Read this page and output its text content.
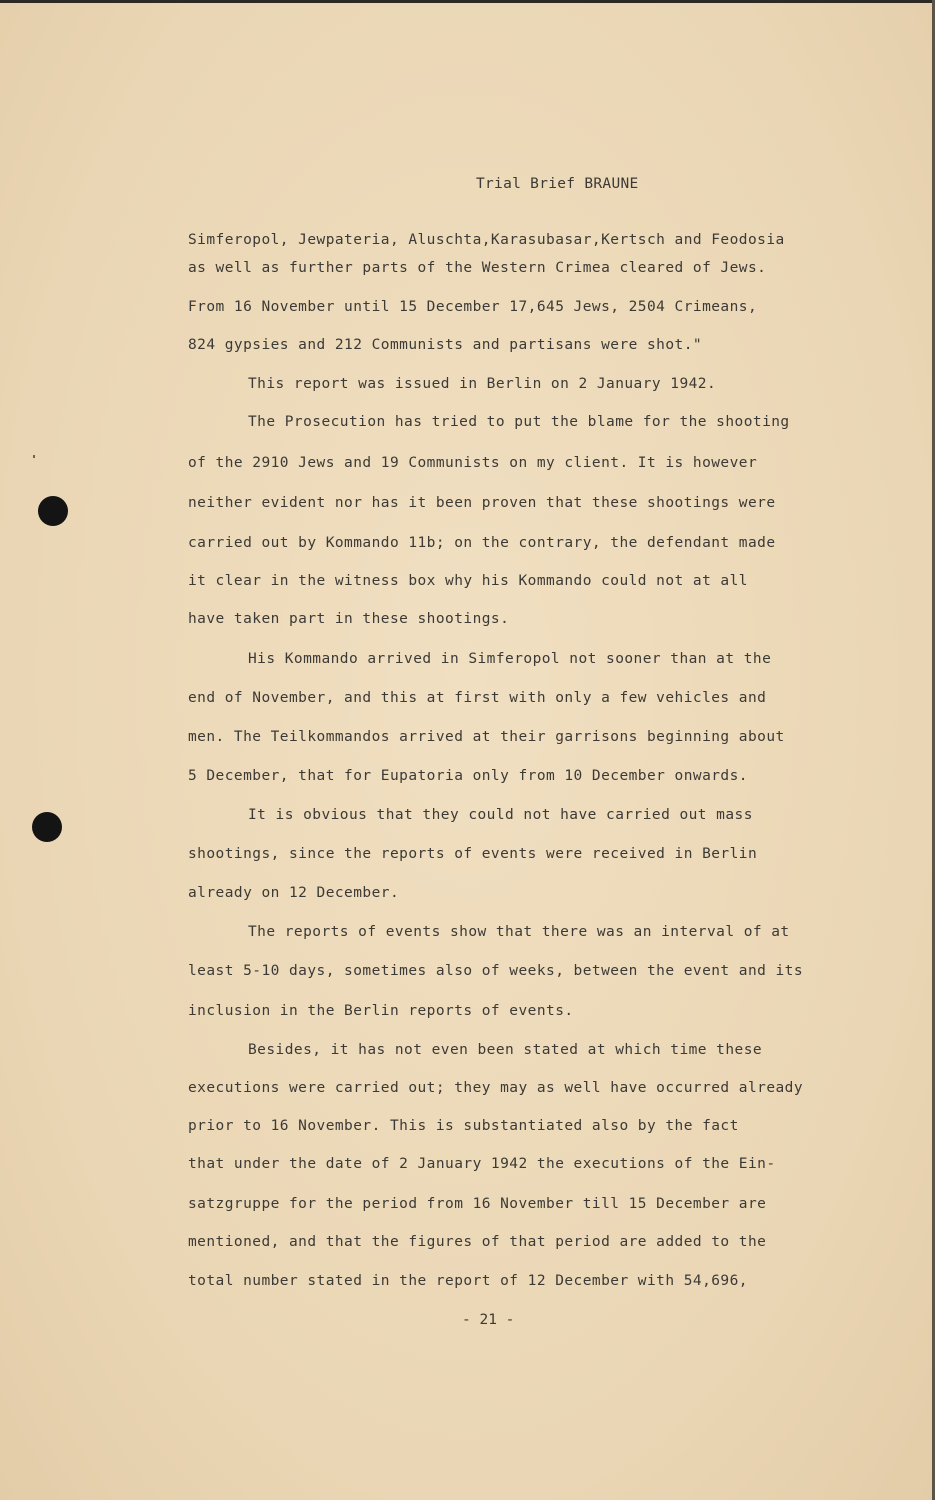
Trial Brief BRAUNE
Simferopol, Jewpateria, Aluschta,Karasubasar,Kertsch and Feodosia
as well as further parts of the Western Crimea cleared of Jews.
From 16 November until 15 December 17,645 Jews, 2504 Crimeans,
824 gypsies and 212 Communists and partisans were shot."
This report was issued in Berlin on 2 January 1942.
The Prosecution has tried to put the blame for the shooting
of the 2910 Jews and 19 Communists on my client. It is however
neither evident nor has it been proven that these shootings were
carried out by Kommando 11b; on the contrary, the defendant made
it clear in the witness box why his Kommando could not at all
have taken part in these shootings.
His Kommando arrived in Simferopol not sooner than at the
end of November, and this at first with only a few vehicles and
men. The Teilkommandos arrived at their garrisons beginning about
5 December, that for Eupatoria only from 10 December onwards.
It is obvious that they could not have carried out mass
shootings, since the reports of events were received in Berlin
already on 12 December.
The reports of events show that there was an interval of at
least 5-10 days, sometimes also of weeks, between the event and its
inclusion in the Berlin reports of events.
Besides, it has not even been stated at which time these
executions were carried out; they may as well have occurred already
prior to 16 November. This is substantiated also by the fact
that under the date of 2 January 1942 the executions of the Ein-
satzgruppe for the period from 16 November till 15 December are
mentioned, and that the figures of that period are added to the
total number stated in the report of 12 December with 54,696,
- 21 -
